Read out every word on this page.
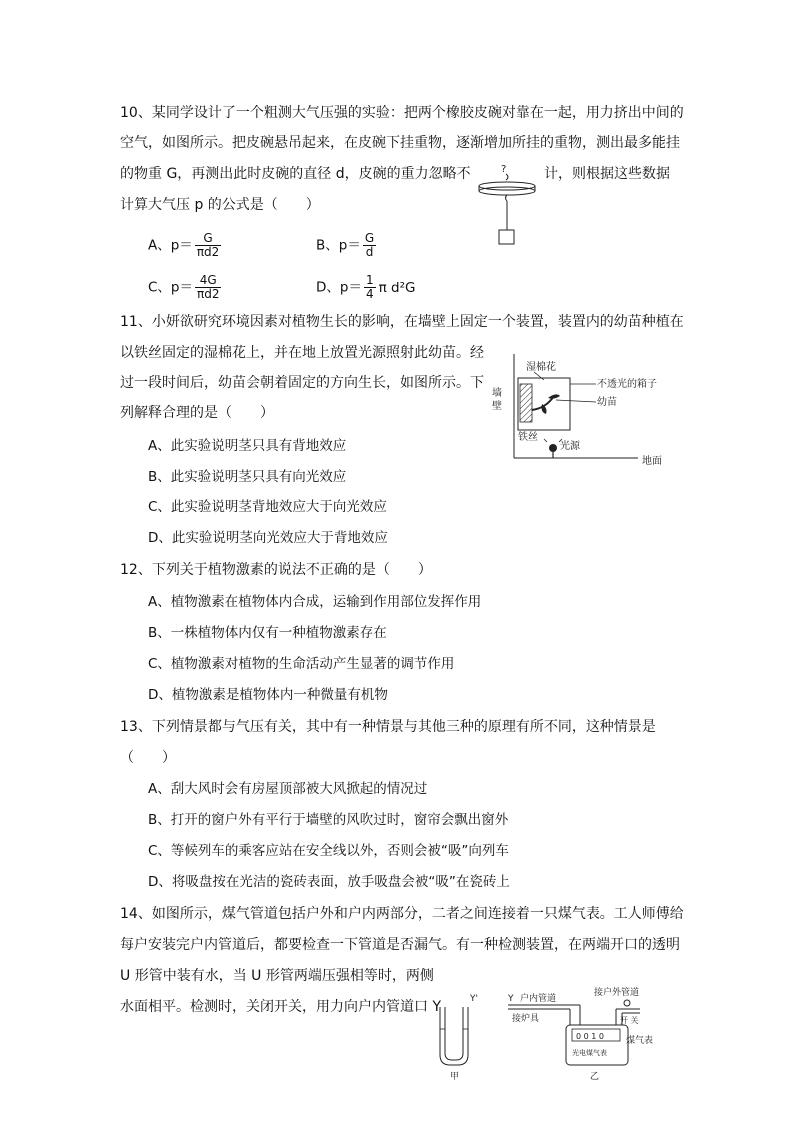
10、某同学设计了一个粗测大气压强的实验：把两个橡胶皮碗对靠在一起，用力挤出中间的
空气，如图所示。把皮碗悬吊起来，在皮碗下挂重物，逐渐增加所挂的重物，测出最多能挂
的物重 G，再测出此时皮碗的直径 d，皮碗的重力忽略不	计，则根据这些数据
计算大气压 p 的公式是（　　）
?
A、$p= \frac{G}{\pi d2}$	B、$p= \frac{G}{d}$
C、$p= \frac{4G}{\pi d2}$	D、$p= \frac{1}{4}$ π d²G
11、小妍欲研究环境因素对植物生长的影响，在墙壁上固定一个装置，装置内的幼苗种植在
以铁丝固定的湿棉花上，并在地上放置光源照射此幼苗。经
过一段时间后，幼苗会朝着固定的方向生长，如图所示。下
列解释合理的是（　　）
湿棉花
墙
壁
不透光的箱子
幼苗
铁丝
光源
地面
A、此实验说明茎只具有背地效应
B、此实验说明茎只具有向光效应
C、此实验说明茎背地效应大于向光效应
D、此实验说明茎向光效应大于背地效应
12、下列关于植物激素的说法不正确的是（　　）
A、植物激素在植物体内合成，运输到作用部位发挥作用
B、一株植物体内仅有一种植物激素存在
C、植物激素对植物的生命活动产生显著的调节作用
D、植物激素是植物体内一种微量有机物
13、下列情景都与气压有关，其中有一种情景与其他三种的原理有所不同，这种情景是
（　　）
A、刮大风时会有房屋顶部被大风掀起的情况过
B、打开的窗户外有平行于墙壁的风吹过时，窗帘会飘出窗外
C、等候列车的乘客应站在安全线以外，否则会被“吸”向列车
D、将吸盘按在光洁的瓷砖表面，放手吸盘会被“吸”在瓷砖上
14、如图所示，煤气管道包括户外和户内两部分，二者之间连接着一只煤气表。工人师傅给
每户安装完户内管道后，都要检查一下管道是否漏气。有一种检测装置，在两端开口的透明
U 形管中装有水，当 U 形管两端压强相等时，两侧
水面相平。检测时，关闭开关，用力向户内管道口 Y	Y'
甲
Y 户内管道
接炉具
0 0 1 0
光电煤气表
接户外管道
开 关
煤气表
乙
